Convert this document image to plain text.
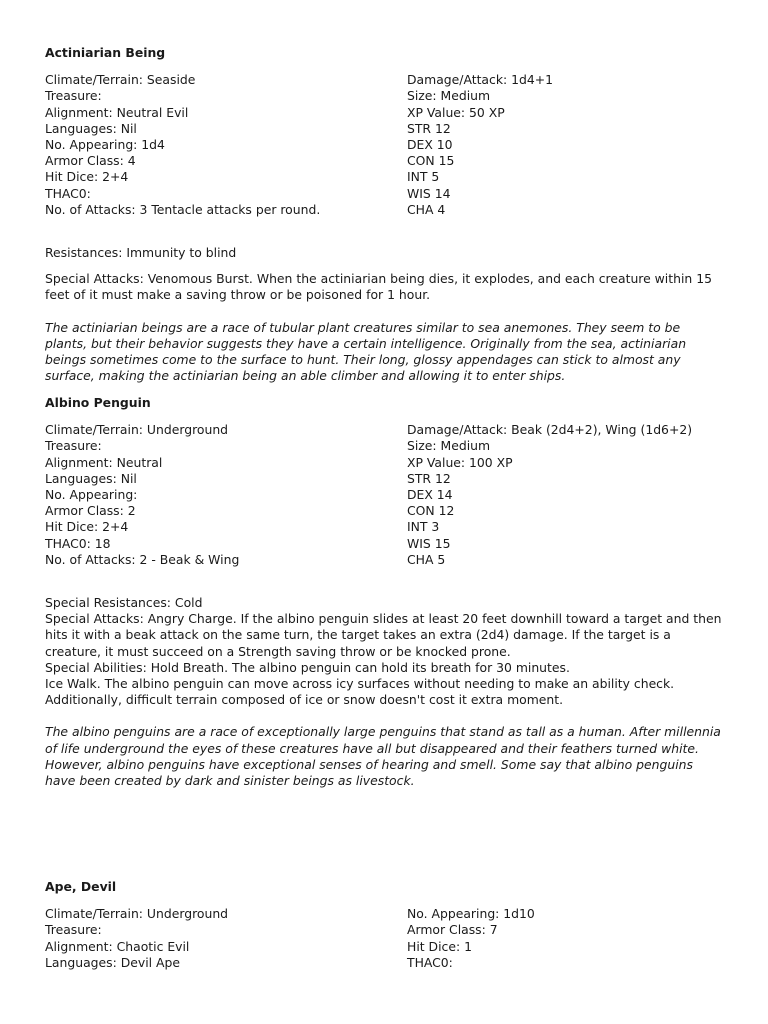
Actiniarian Being
Climate/Terrain: Seaside
Treasure:
Alignment: Neutral Evil
Languages: Nil
No. Appearing: 1d4
Armor Class: 4
Hit Dice: 2+4
THAC0:
No. of Attacks: 3 Tentacle attacks per round.
Damage/Attack: 1d4+1
Size: Medium
XP Value: 50 XP
STR 12
DEX 10
CON 15
INT 5
WIS 14
CHA 4

Resistances: Immunity to blind

Special Attacks: Venomous Burst. When the actiniarian being dies, it explodes, and each creature within 15 feet of it must make a saving throw or be poisoned for 1 hour.

The actiniarian beings are a race of tubular plant creatures similar to sea anemones. They seem to be plants, but their behavior suggests they have a certain intelligence. Originally from the sea, actiniarian beings sometimes come to the surface to hunt. Their long, glossy appendages can stick to almost any surface, making the actiniarian being an able climber and allowing it to enter ships.

Albino Penguin
Climate/Terrain: Underground
Treasure:
Alignment: Neutral
Languages: Nil
No. Appearing:
Armor Class: 2
Hit Dice: 2+4
THAC0: 18
No. of Attacks: 2 - Beak & Wing
Damage/Attack: Beak (2d4+2), Wing (1d6+2)
Size: Medium
XP Value: 100 XP
STR 12
DEX 14
CON 12
INT 3
WIS 15
CHA 5

Special Resistances: Cold

Special Attacks: Angry Charge. If the albino penguin slides at least 20 feet downhill toward a target and then hits it with a beak attack on the same turn, the target takes an extra (2d4) damage. If the target is a creature, it must succeed on a Strength saving throw or be knocked prone.

Special Abilities: Hold Breath. The albino penguin can hold its breath for 30 minutes.

Ice Walk. The albino penguin can move across icy surfaces without needing to make an ability check. Additionally, difficult terrain composed of ice or snow doesn't cost it extra moment.

The albino penguins are a race of exceptionally large penguins that stand as tall as a human. After millennia of life underground the eyes of these creatures have all but disappeared and their feathers turned white. However, albino penguins have exceptional senses of hearing and smell. Some say that albino penguins have been created by dark and sinister beings as livestock.

Ape, Devil
Climate/Terrain: Underground
Treasure:
Alignment: Chaotic Evil
Languages: Devil Ape
No. Appearing: 1d10
Armor Class: 7
Hit Dice: 1
THAC0:
